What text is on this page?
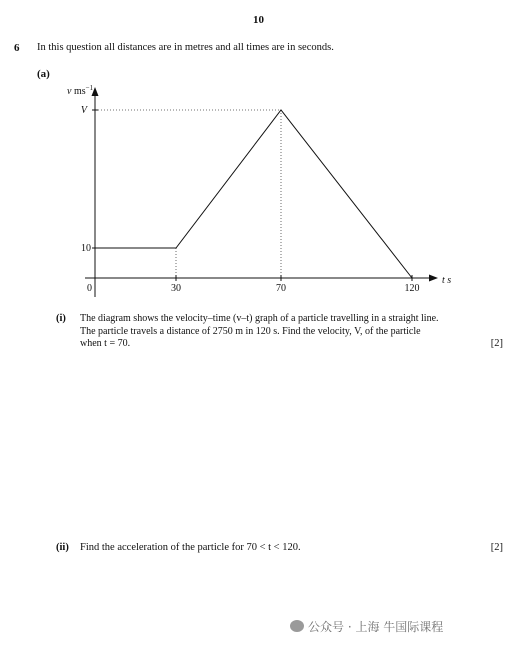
10
6 In this question all distances are in metres and all times are in seconds.
(a)
v $ms^{-1}$
t s
V
10
0	30	70	120
(i) The diagram shows the velocity–time (v–t) graph of a particle travelling in a straight line.
The particle travels a distance of 2750 m in 120 s. Find the velocity, V, of the particle
when t = 70.	[2]
(ii) Find the acceleration of the particle for 70 < t < 120.	[2]
公众号 · 上海 牛国际课程
